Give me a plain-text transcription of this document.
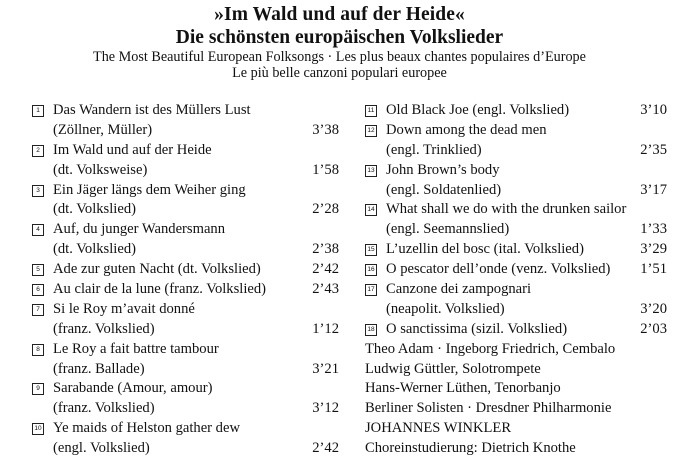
»Im Wald und auf der Heide«
Die schönsten europäischen Volkslieder
The Most Beautiful European Folksongs · Les plus beaux chantes populaires d’Europe
Le più belle canzoni populari europee
1 Das Wandern ist des Müllers Lust
(Zöllner, Müller)	3’38
2 Im Wald und auf der Heide
(dt. Volksweise)	1’58
3 Ein Jäger längs dem Weiher ging
(dt. Volkslied)	2’28
4 Auf, du junger Wandersmann
(dt. Volkslied)	2’38
5 Ade zur guten Nacht (dt. Volkslied)	2’42
6 Au clair de la lune (franz. Volkslied)	2’43
7 Si le Roy m’avait donné
(franz. Volkslied)	1’12
8 Le Roy a fait battre tambour
(franz. Ballade)	3’21
9 Sarabande (Amour, amour)
(franz. Volkslied)	3’12
10 Ye maids of Helston gather dew
(engl. Volkslied)	2’42
11 Old Black Joe (engl. Volkslied)	3’10
12 Down among the dead men
(engl. Trinklied)	2’35
13 John Brown’s body
(engl. Soldatenlied)	3’17
14 What shall we do with the drunken sailor
(engl. Seemannslied)	1’33
15 L’uzellin del bosc (ital. Volkslied)	3’29
16 O pescator dell’onde (venz. Volkslied) 1’51
17 Canzone dei zampognari
(neapolit. Volkslied)	3’20
18 O sanctissima (sizil. Volkslied)	2’03
Theo Adam · Ingeborg Friedrich, Cembalo
Ludwig Güttler, Solotrompete
Hans-Werner Lüthen, Tenorbanjo
Berliner Solisten · Dresdner Philharmonie
JOHANNES WINKLER
Choreinstudierung: Dietrich Knothe
